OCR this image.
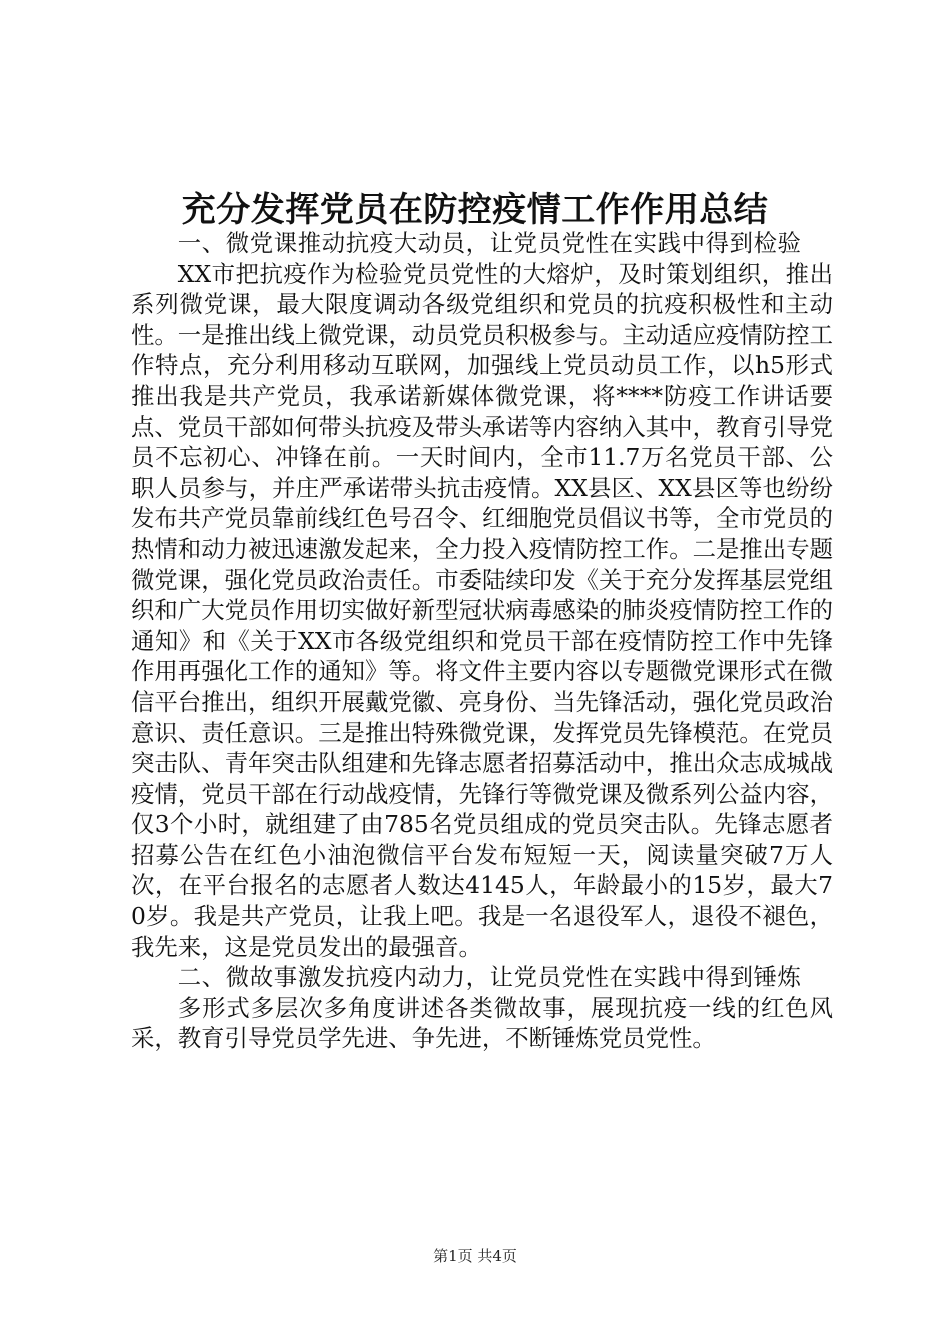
充分发挥党员在防控疫情工作作用总结

一、微党课推动抗疫大动员，让党员党性在实践中得到检验

XX市把抗疫作为检验党员党性的大熔炉，及时策划组织，推出系列微党课，最大限度调动各级党组织和党员的抗疫积极性和主动性。一是推出线上微党课，动员党员积极参与。主动适应疫情防控工作特点，充分利用移动互联网，加强线上党员动员工作，以h5形式推出我是共产党员，我承诺新媒体微党课，将****防疫工作讲话要点、党员干部如何带头抗疫及带头承诺等内容纳入其中，教育引导党员不忘初心、冲锋在前。一天时间内，全市11.7万名党员干部、公职人员参与，并庄严承诺带头抗击疫情。XX县区、XX县区等也纷纷发布共产党员靠前线红色号召令、红细胞党员倡议书等，全市党员的热情和动力被迅速激发起来，全力投入疫情防控工作。二是推出专题微党课，强化党员政治责任。市委陆续印发《关于充分发挥基层党组织和广大党员作用切实做好新型冠状病毒感染的肺炎疫情防控工作的通知》和《关于XX市各级党组织和党员干部在疫情防控工作中先锋作用再强化工作的通知》等。将文件主要内容以专题微党课形式在微信平台推出，组织开展戴党徽、亮身份、当先锋活动，强化党员政治意识、责任意识。三是推出特殊微党课，发挥党员先锋模范。在党员突击队、青年突击队组建和先锋志愿者招募活动中，推出众志成城战疫情，党员干部在行动战疫情，先锋行等微党课及微系列公益内容，仅3个小时，就组建了由785名党员组成的党员突击队。先锋志愿者招募公告在红色小油泡微信平台发布短短一天，阅读量突破7万人次，在平台报名的志愿者人数达4145人，年龄最小的15岁，最大70岁。我是共产党员，让我上吧。我是一名退役军人，退役不褪色，我先来，这是党员发出的最强音。

二、微故事激发抗疫内动力，让党员党性在实践中得到锤炼

多形式多层次多角度讲述各类微故事，展现抗疫一线的红色风采，教育引导党员学先进、争先进，不断锤炼党员党性。

第1页 共4页
